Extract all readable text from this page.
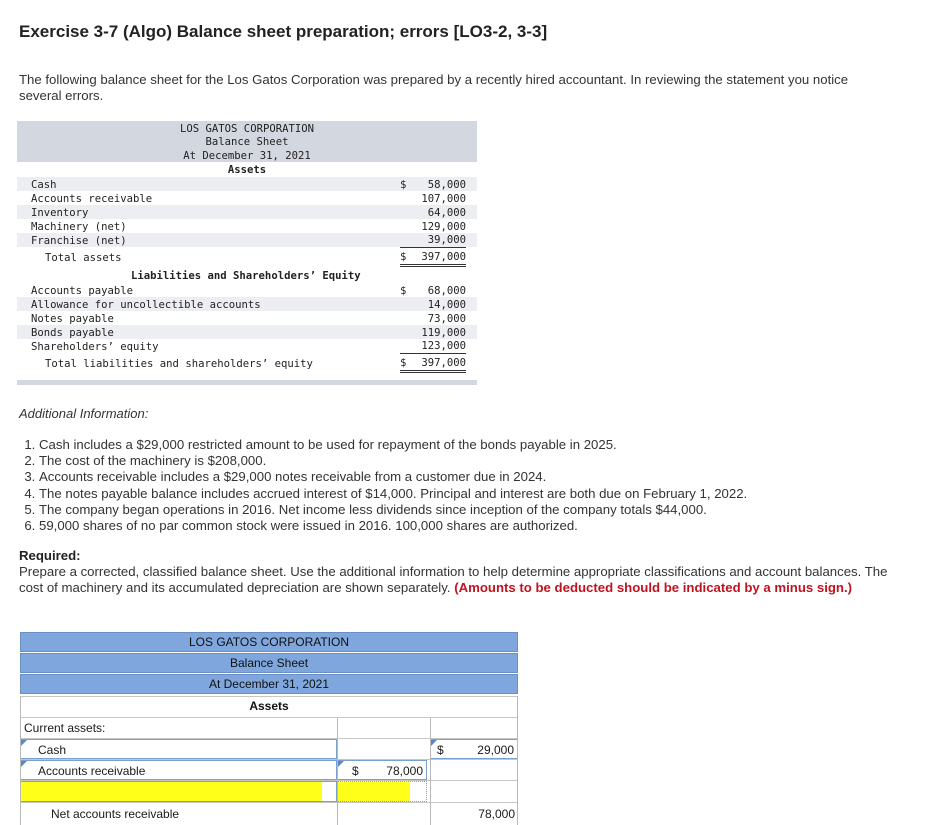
Exercise 3-7 (Algo) Balance sheet preparation; errors [LO3-2, 3-3]
The following balance sheet for the Los Gatos Corporation was prepared by a recently hired accountant. In reviewing the statement you notice several errors.
LOS GATOS CORPORATION
Balance Sheet
At December 31, 2021
Assets
Cash	$	58,000
Accounts receivable	107,000
Inventory	64,000
Machinery (net)	129,000
Franchise (net)	39,000
Total assets	$	397,000
Liabilities and Shareholders’ Equity
Accounts payable	$	68,000
Allowance for uncollectible accounts	14,000
Notes payable	73,000
Bonds payable	119,000
Shareholders’ equity	123,000
Total liabilities and shareholders’ equity	$	397,000
Additional Information:
1. Cash includes a $29,000 restricted amount to be used for repayment of the bonds payable in 2025.
2. The cost of the machinery is $208,000.
3. Accounts receivable includes a $29,000 notes receivable from a customer due in 2024.
4. The notes payable balance includes accrued interest of $14,000. Principal and interest are both due on February 1, 2022.
5. The company began operations in 2016. Net income less dividends since inception of the company totals $44,000.
6. 59,000 shares of no par common stock were issued in 2016. 100,000 shares are authorized.
Required:
Prepare a corrected, classified balance sheet. Use the additional information to help determine appropriate classifications and account balances. The cost of machinery and its accumulated depreciation are shown separately. (Amounts to be deducted should be indicated by a minus sign.)
LOS GATOS CORPORATION
Balance Sheet
At December 31, 2021
Assets
Current assets:
Cash	$	29,000
Accounts receivable	$ 78,000
Net accounts receivable	78,000
